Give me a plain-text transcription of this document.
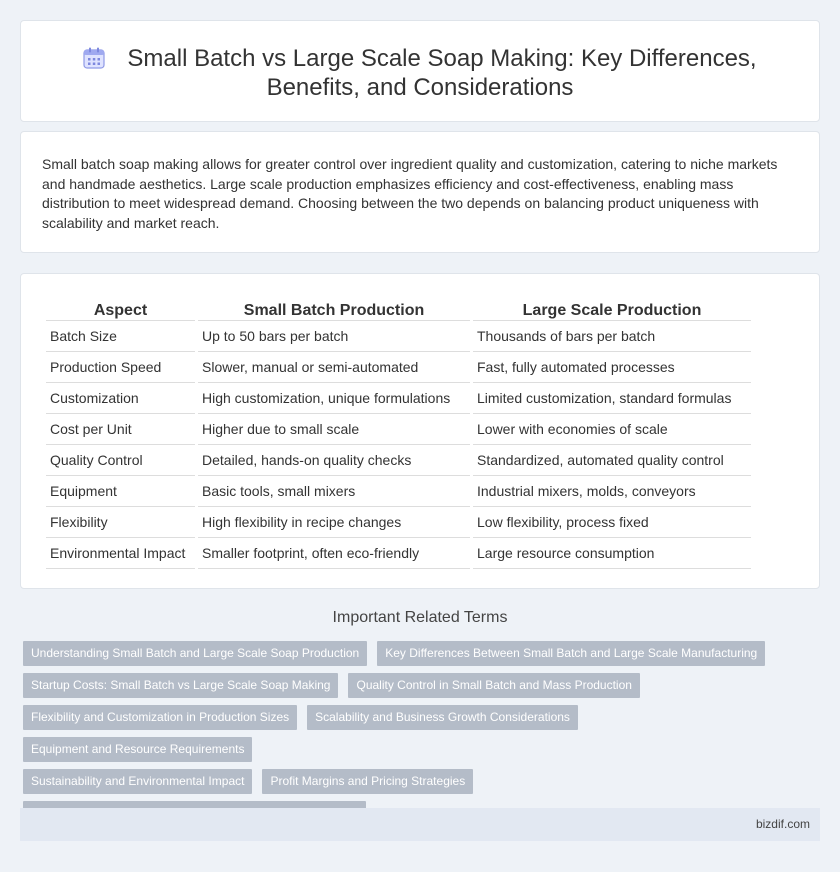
Small Batch vs Large Scale Soap Making: Key Differences, Benefits, and Considerations

Small batch soap making allows for greater control over ingredient quality and customization, catering to niche markets and handmade aesthetics. Large scale production emphasizes efficiency and cost-effectiveness, enabling mass distribution to meet widespread demand. Choosing between the two depends on balancing product uniqueness with scalability and market reach.

Aspect	Small Batch Production	Large Scale Production
Batch Size	Up to 50 bars per batch	Thousands of bars per batch
Production Speed	Slower, manual or semi-automated	Fast, fully automated processes
Customization	High customization, unique formulations	Limited customization, standard formulas
Cost per Unit	Higher due to small scale	Lower with economies of scale
Quality Control	Detailed, hands-on quality checks	Standardized, automated quality control
Equipment	Basic tools, small mixers	Industrial mixers, molds, conveyors
Flexibility	High flexibility in recipe changes	Low flexibility, process fixed
Environmental Impact	Smaller footprint, often eco-friendly	Large resource consumption
Important Related Terms
Understanding Small Batch and Large Scale Soap Production Key Differences Between Small Batch and Large Scale Manufacturing
Startup Costs: Small Batch vs Large Scale Soap Making Quality Control in Small Batch and Mass Production
Flexibility and Customization in Production Sizes Scalability and Business Growth ConsiderationsEquipment and Resource Requirements
Sustainability and Environmental Impact Profit Margins and Pricing Strategies

bizdif.com
